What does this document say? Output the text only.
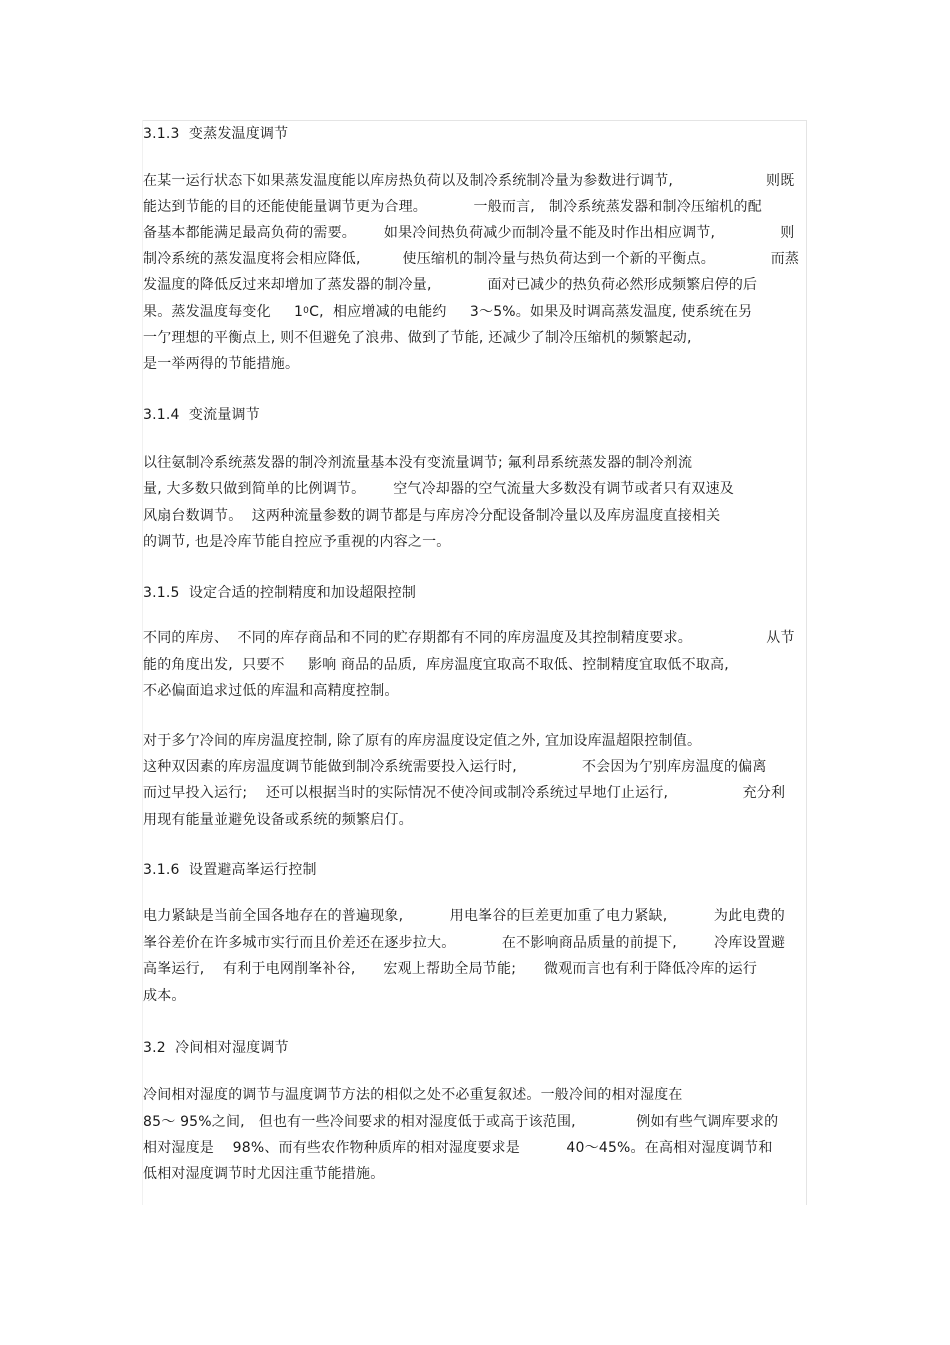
3.1.3  变蒸发温度调节

在某一运行状态下如果蒸发温度能以库房热负荷以及制冷系统制冷量为参数进行调节,                    则既

能达到节能的目的还能使能量调节更为合理。          一般而言,   制冷系统蒸发器和制冷压缩机的配

备基本都能满足最高负荷的需要。      如果冷间热负荷减少而制冷量不能及时作出相应调节,              则

制冷系统的蒸发温度将会相应降低,         使压缩机的制冷量与热负荷达到一个新的平衡点。            而蒸

发温度的降低反过来却增加了蒸发器的制冷量,            面对已减少的热负荷必然形成频繁启停的后

果。蒸发温度每变化     $1^0C$,  相应增减的电能约     3～5%。如果及时调高蒸发温度, 使系统在另

一亇理想的平衡点上, 则不但避免了浪弗、做到了节能, 还减少了制冷压缩机的频繁起动,

是一举两得的节能措施。

3.1.4  变流量调节

以往氨制冷系统蒸发器的制冷剂流量基本没有变流量调节; 氟利昂系统蒸发器的制冷剂流

量, 大多数只做到简单的比例调节。      空气冷却器的空气流量大多数没有调节或者只有双速及

风扇台数调节。  这两种流量参数的调节都是与库房冷分配设备制冷量以及库房温度直接相关

的调节, 也是冷库节能自控应予重视的内容之一。

3.1.5  设定合适的控制精度和加设超限控制

不同的库房、  不同的库存商品和不同的贮存期都有不同的库房温度及其控制精度要求。                从节

能的角度出发,  只要不     影响 商品的品质,  库房温度宜取高不取低、控制精度宜取低不取高,

不必偏面追求过低的库温和高精度控制。

对于多亇冷间的库房温度控制, 除了原有的库房温度设定值之外, 宜加设库温超限控制值。

这种双因素的库房温度调节能做到制冷系统需要投入运行时,              不会因为亇别库房温度的偏离

而过早投入运行;    还可以根据当时的实际情况不使冷间或制冷系统过早地仃止运行,                充分利

用现有能量並避免设备或系统的频繁启仃。

3.1.6  设置避高峯运行控制

电力紧缺是当前全国各地存在的普遍现象,          用电峯谷的巨差更加重了电力紧缺,          为此电费的

峯谷差价在许多城市实行而且价差还在逐步拉大。          在不影响商品质量的前提下,        冷库设置避

高峯运行,    有利于电网削峯补谷,      宏观上帮助全局节能;      微观而言也有利于降低冷库的运行

成本。

3.2  冷间相对湿度调节

冷间相对湿度的调节与温度调节方法的相似之处不必重复叙述。一般冷间的相对湿度在

85～ 95%之间,   但也有一些冷间要求的相对湿度低于或高于该范围,             例如有些气调库要求的

相对湿度是    98%、而有些农作物种质库的相对湿度要求是          40～45%。在高相对湿度调节和

低相对湿度调节时尤因注重节能措施。
